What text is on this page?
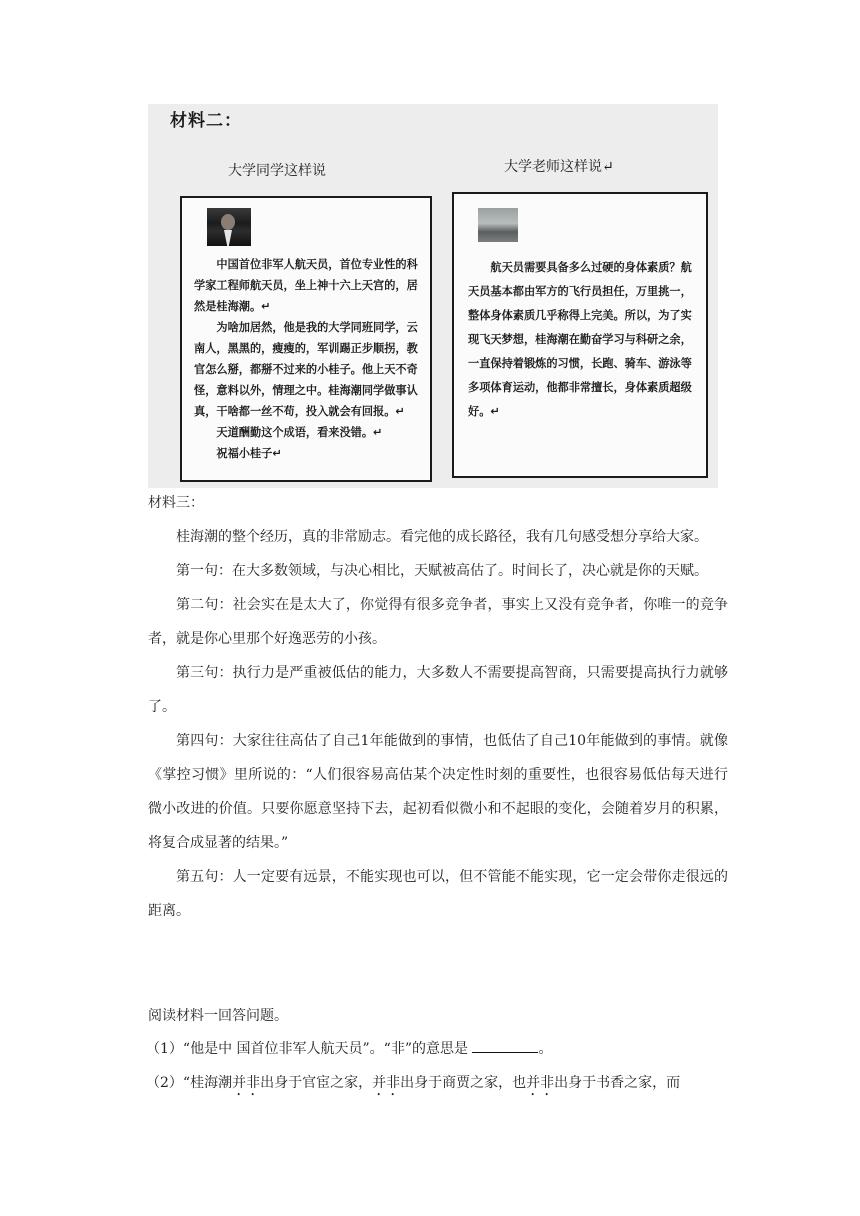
材料二：
大学同学这样说	大学老师这样说↵

中国首位非军人航天员，首位专业性的科学家工程师航天员，坐上神十六上天宫的，居然是桂海潮。↵

为啥加居然，他是我的大学同班同学，云南人，黑黑的，瘦瘦的，军训踢正步顺拐，教官怎么掰，都掰不过来的小桂子。他上天不奇怪，意料以外，情理之中。桂海潮同学做事认真，干啥都一丝不苟，投入就会有回报。↵

天道酬勤这个成语，看来没错。↵

祝福小桂子↵

航天员需要具备多么过硬的身体素质？航天员基本都由军方的飞行员担任，万里挑一，整体身体素质几乎称得上完美。所以，为了实现飞天梦想，桂海潮在勤奋学习与科研之余，一直保持着锻炼的习惯，长跑、骑车、游泳等多项体育运动，他都非常擅长，身体素质超级好。↵

材料三：

桂海潮的整个经历，真的非常励志。看完他的成长路径，我有几句感受想分享给大家。

第一句：在大多数领域，与决心相比，天赋被高估了。时间长了，决心就是你的天赋。

第二句：社会实在是太大了，你觉得有很多竞争者，事实上又没有竞争者，你唯一的竞争者，就是你心里那个好逸恶劳的小孩。

第三句：执行力是严重被低估的能力，大多数人不需要提高智商，只需要提高执行力就够了。

第四句：大家往往高估了自己1年能做到的事情，也低估了自己10年能做到的事情。就像《掌控习惯》里所说的：“人们很容易高估某个决定性时刻的重要性，也很容易低估每天进行微小改进的价值。只要你愿意坚持下去，起初看似微小和不起眼的变化，会随着岁月的积累，将复合成显著的结果。”

第五句：人一定要有远景，不能实现也可以，但不管能不能实现，它一定会带你走很远的距离。

阅读材料一回答问题。
（1）“他是中 国首位非军人航天员”。“非”的意思是	。
（2）“桂海潮并非出身于官宦之家，并非出身于商贾之家，也并非出身于书香之家，而
